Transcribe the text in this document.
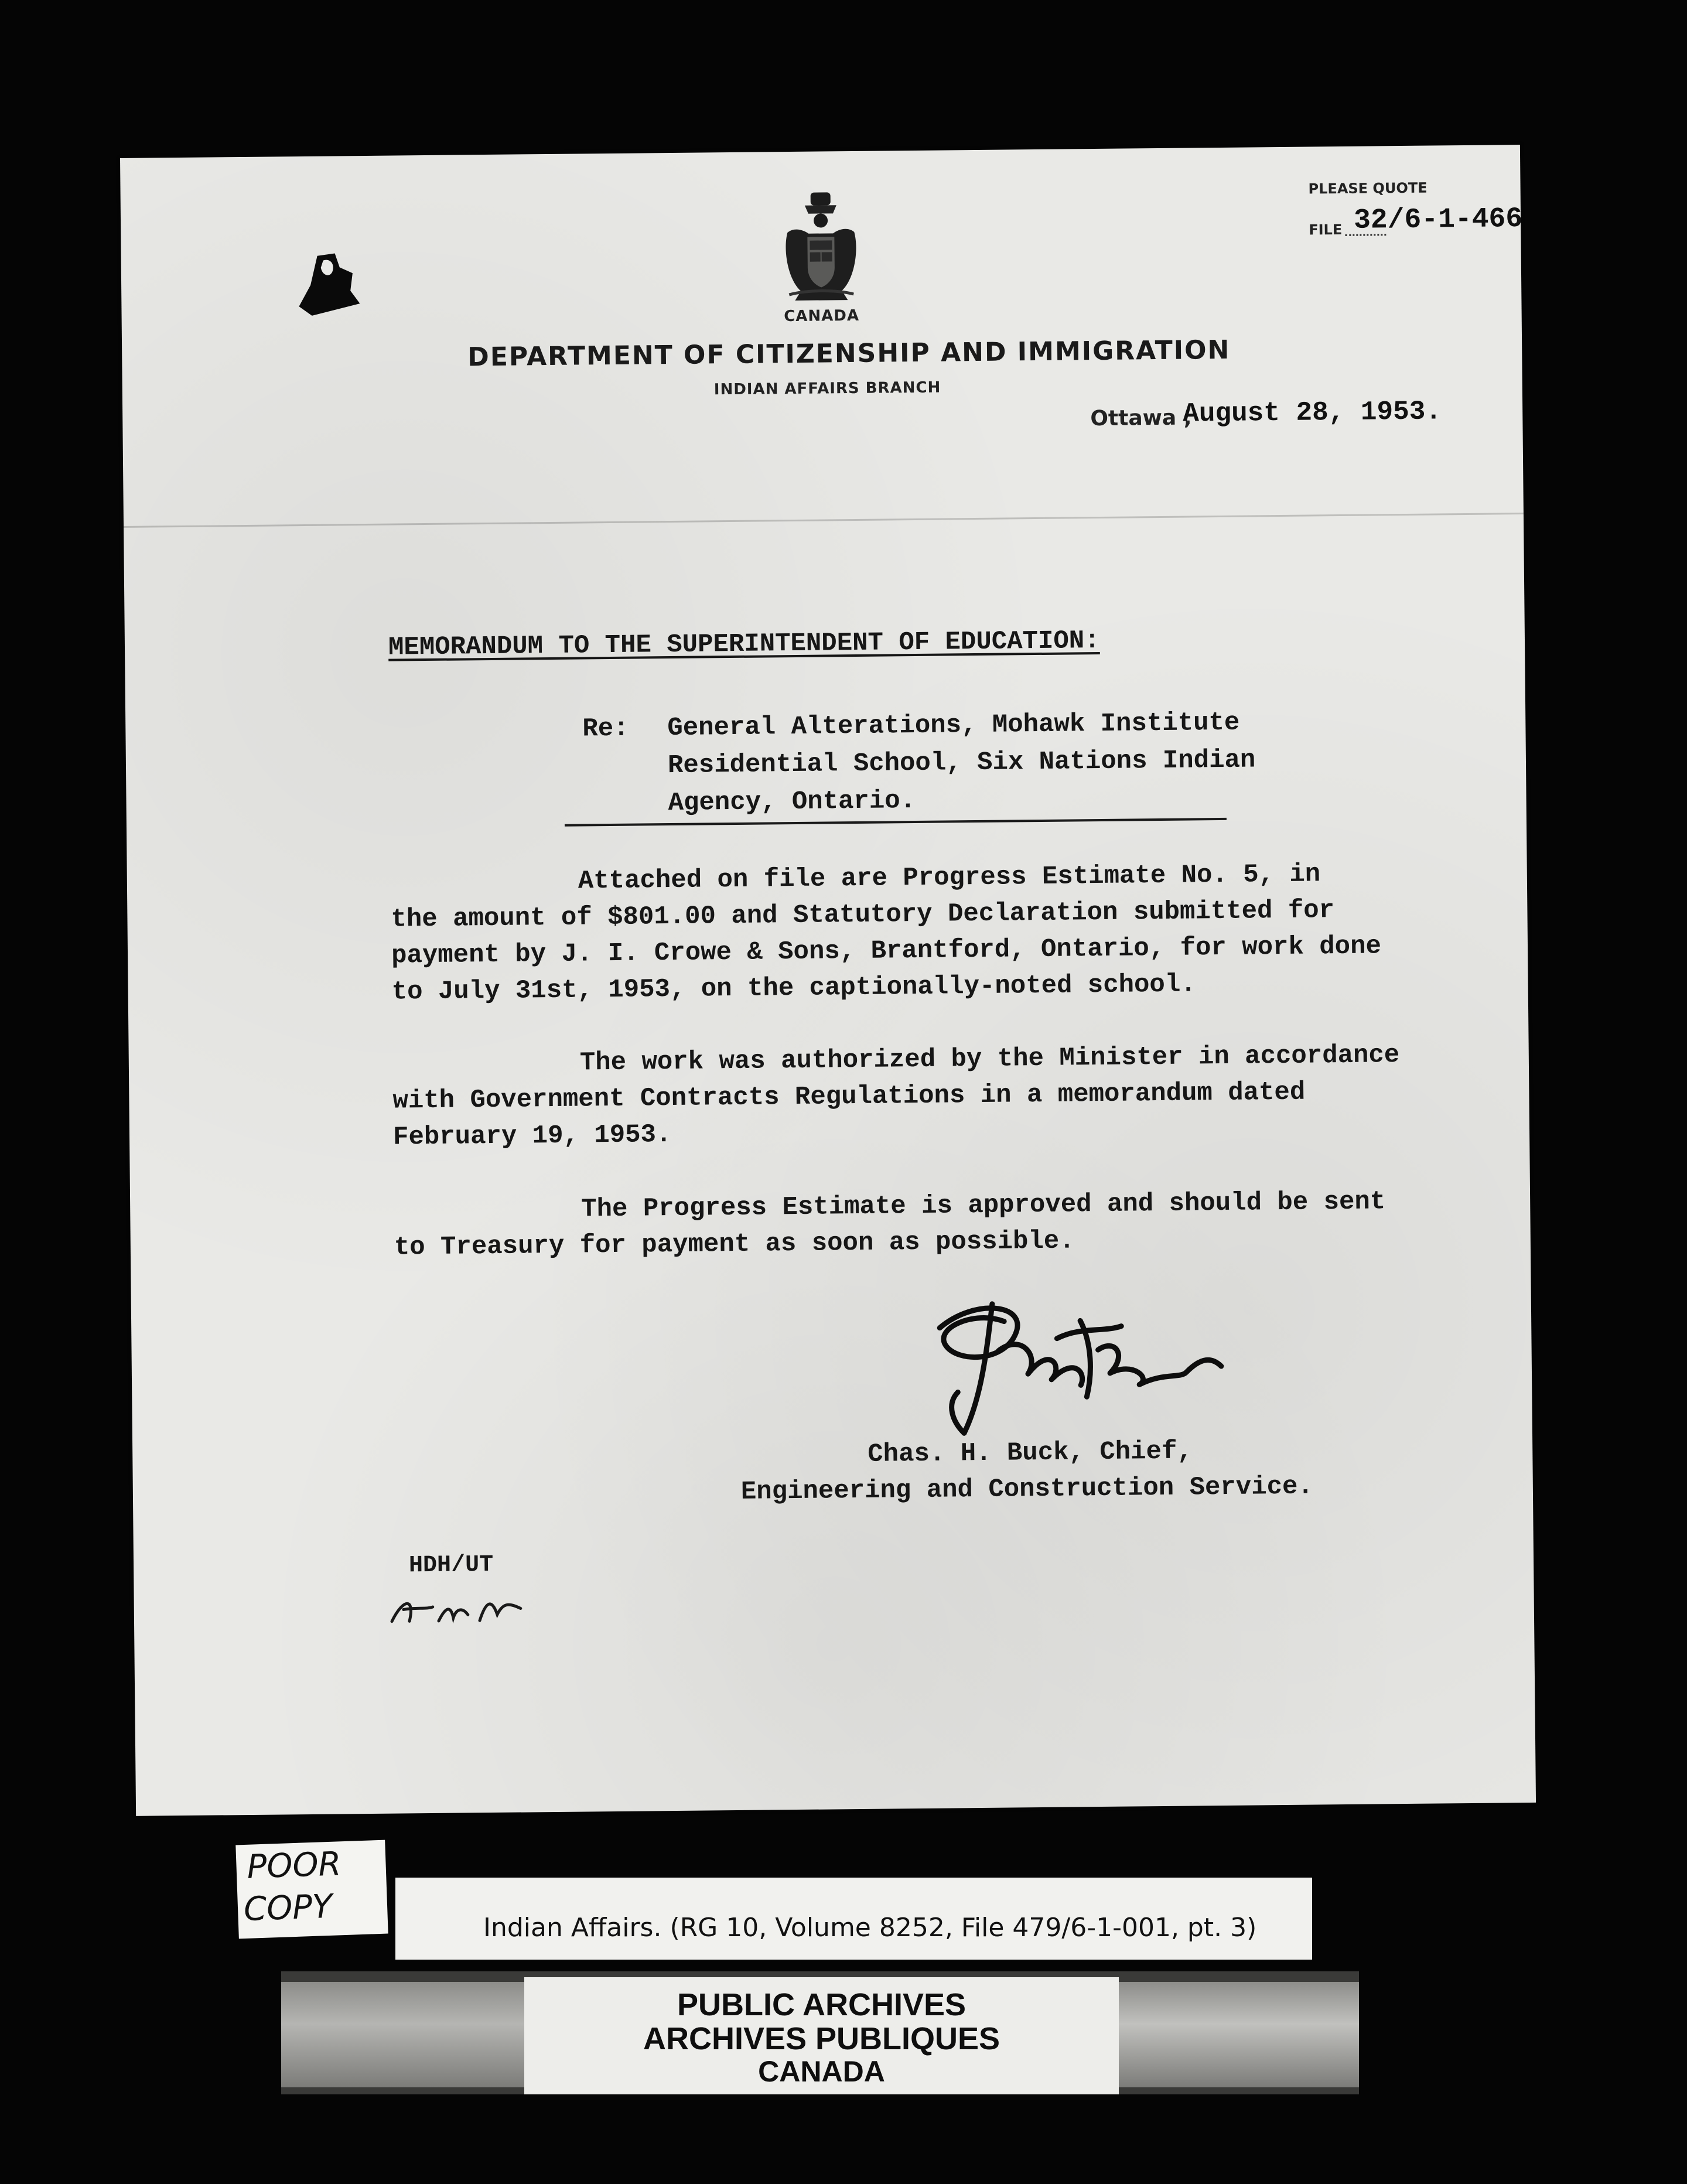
CANADA
DEPARTMENT OF CITIZENSHIP AND IMMIGRATION
INDIAN AFFAIRS BRANCH
PLEASE QUOTE
FILE 32/6-1-466
Ottawa ,
August 28, 1953.
MEMORANDUM TO THE SUPERINTENDENT OF EDUCATION:
Re: General Alterations, Mohawk Institute
Residential School, Six Nations Indian
Agency, Ontario.
Attached on file are Progress Estimate No. 5, in
the amount of $801.00 and Statutory Declaration submitted for
payment by J. I. Crowe & Sons, Brantford, Ontario, for work done
to July 31st, 1953, on the captionally-noted school.
The work was authorized by the Minister in accordance
with Government Contracts Regulations in a memorandum dated
February 19, 1953.
The Progress Estimate is approved and should be sent
to Treasury for payment as soon as possible.
Chas. H. Buck, Chief,
Engineering and Construction Service.
HDH/UT
POOR
COPY	Indian Affairs. (RG 10, Volume 8252, File 479/6-1-001, pt. 3)
PUBLIC ARCHIVES
ARCHIVES PUBLIQUES
CANADA
